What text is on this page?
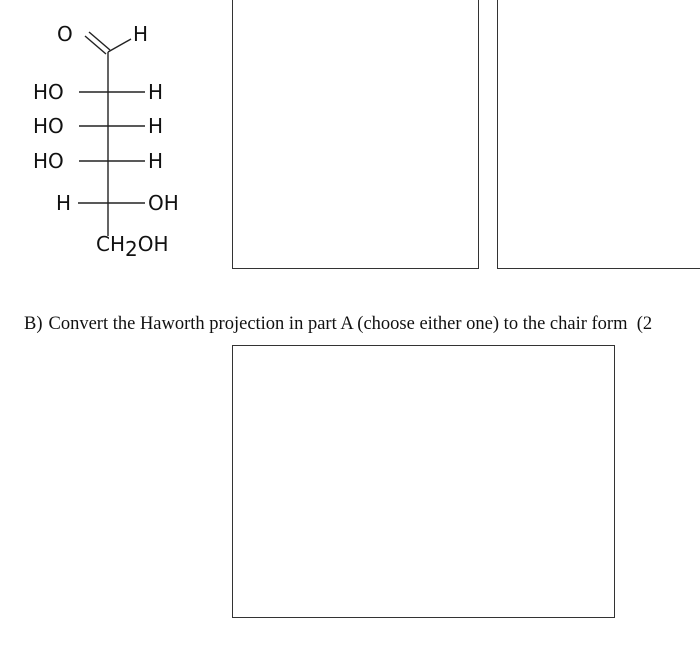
O	H
HO	H
HO	H
HO	H
H	OH
CH2OH
B) Convert the Haworth projection in part A (choose either one) to the chair form (2
